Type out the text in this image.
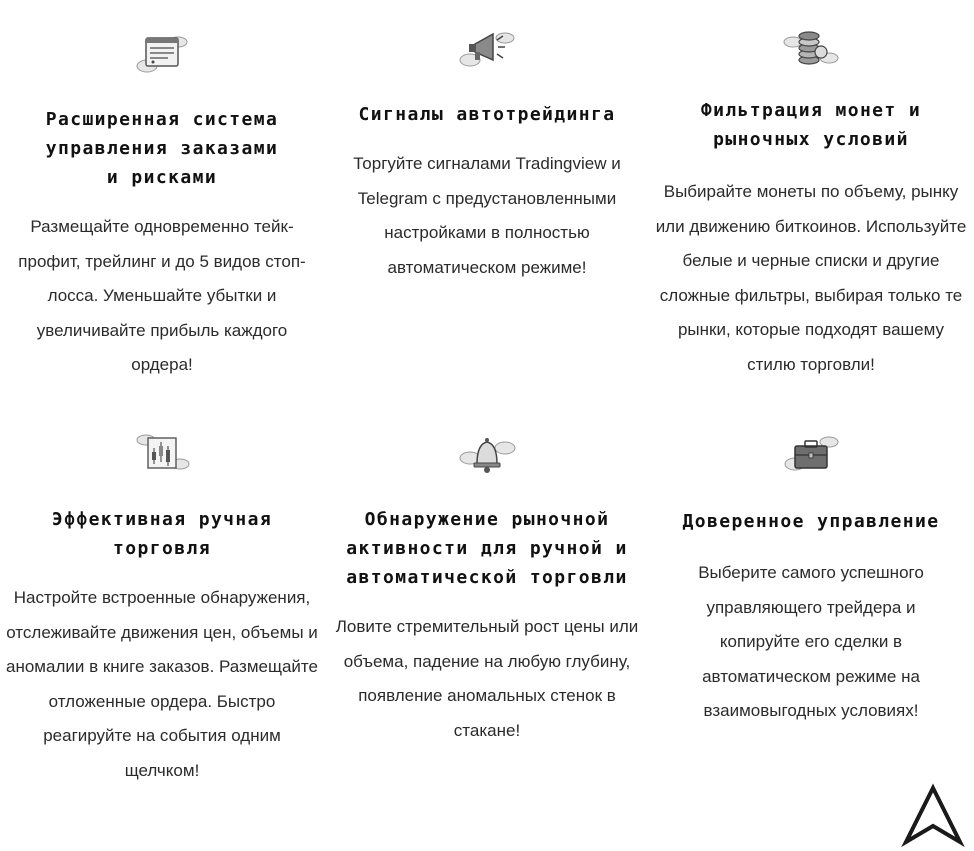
Расширенная система управления заказами и рисками
Размещайте одновременно тейк-профит, трейлинг и до 5 видов стоп-лосса. Уменьшайте убытки и увеличивайте прибыль каждого ордера!
Сигналы автотрейдинга
Торгуйте сигналами Tradingview и Telegram с предустановленными настройками в полностью автоматическом режиме!
Фильтрация монет и рыночных условий
Выбирайте монеты по объему, рынку или движению биткоинов. Используйте белые и черные списки и другие сложные фильтры, выбирая только те рынки, которые подходят вашему стилю торговли!
Эффективная ручная торговля
Настройте встроенные обнаружения, отслеживайте движения цен, объемы и аномалии в книге заказов. Размещайте отложенные ордера. Быстро реагируйте на события одним щелчком!
Обнаружение рыночной активности для ручной и автоматической торговли
Ловите стремительный рост цены или объема, падение на любую глубину, появление аномальных стенок в стакане!
Доверенное управление
Выберите самого успешного управляющего трейдера и копируйте его сделки в автоматическом режиме на взаимовыгодных условиях!
